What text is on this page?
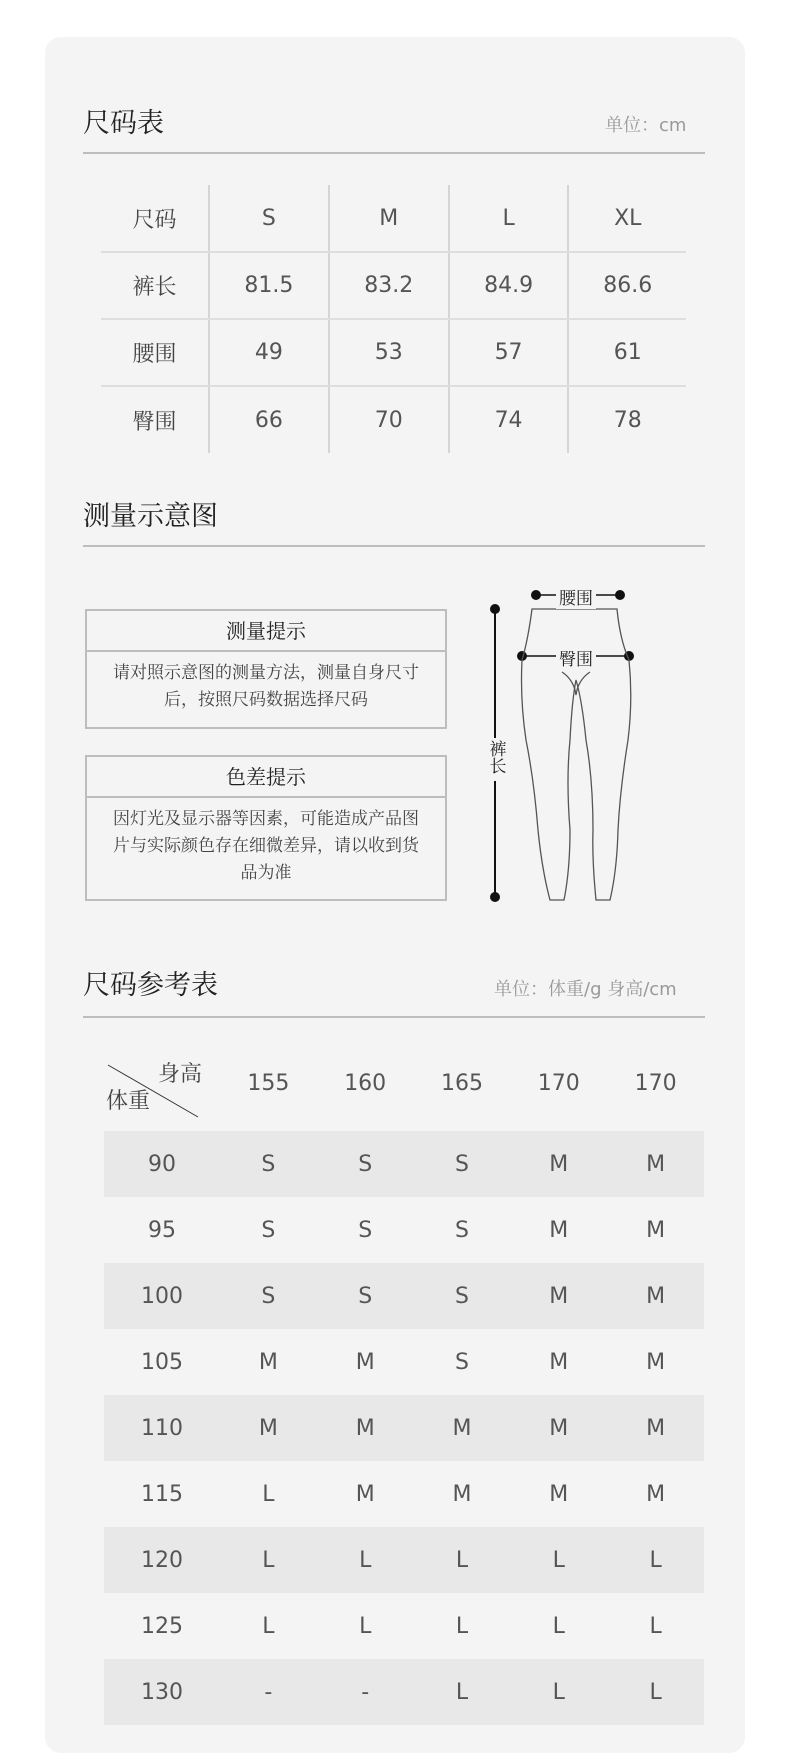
尺码表	单位：cm
尺码	S	M	L	XL
裤长	81.5	83.2	84.9	86.6
腰围	49	53	57	61
臀围	66	70	74	78
测量示意图
测量提示
请对照示意图的测量方法，测量自身尺寸后，按照尺码数据选择尺码
色差提示
因灯光及显示器等因素，可能造成产品图片与实际颜色存在细微差异，请以收到货品为准
腰围
臀围
裤长
尺码参考表	单位：体重/g 身高/cm
身高
体重	155	160	165	170	170
90	S	S	S	M	M
95	S	S	S	M	M
100	S	S	S	M	M
105	M	M	S	M	M
110	M	M	M	M	M
115	L	M	M	M	M
120	L	L	L	L	L
125	L	L	L	L	L
130	-	-	L	L	L
